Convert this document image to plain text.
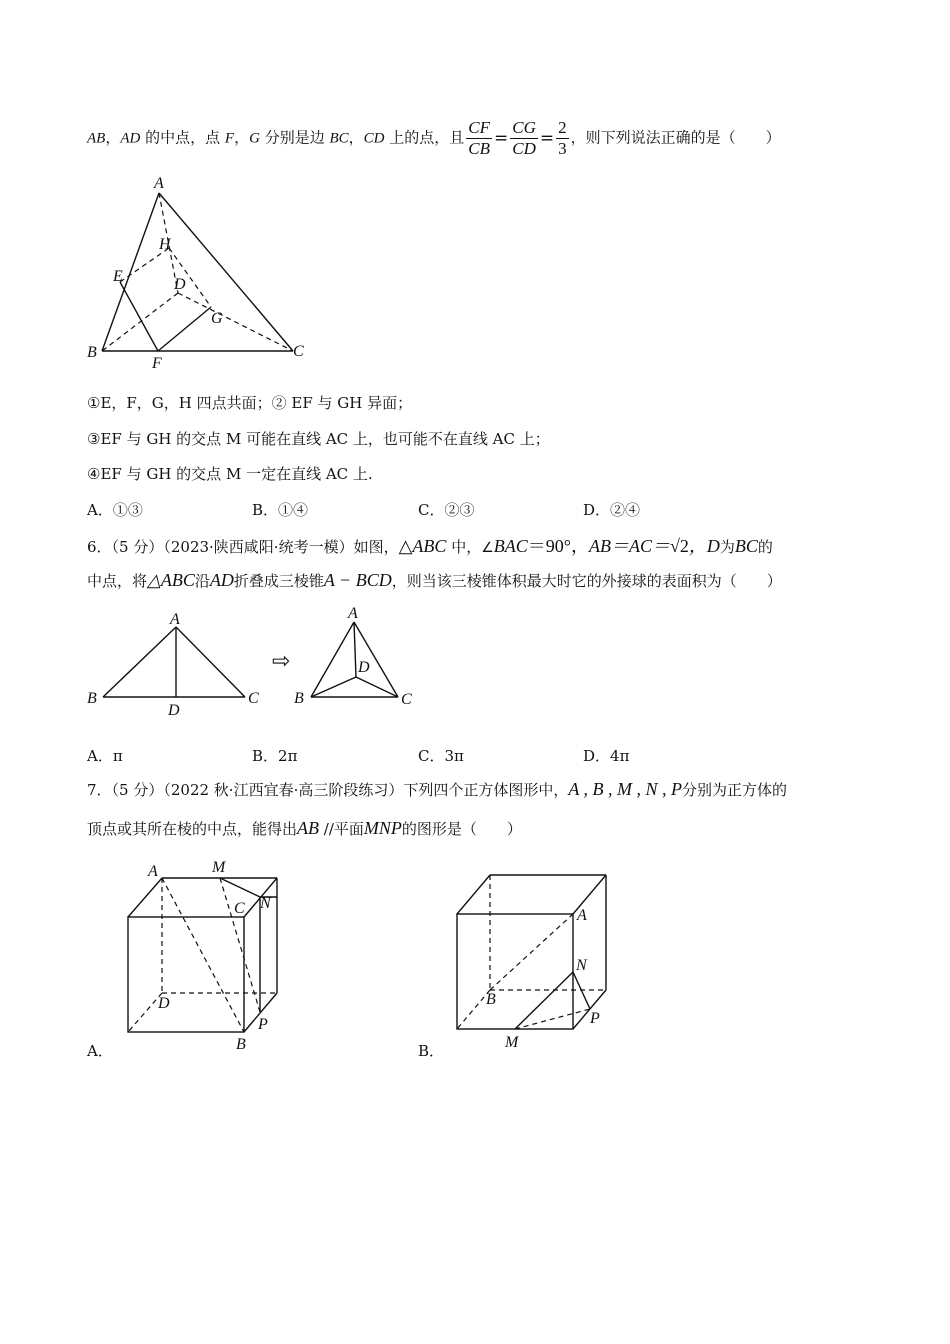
AB，AD 的中点，点 F，G 分别是边 BC，CD 上的点，且 $\frac{CF}{CB} = \frac{CG}{CD} = \frac{2}{3}$ ，则下列说法正确的是（　　）
A
B	C
D
E
F
G
H
①E，F，G，H 四点共面；② EF 与 GH 异面；
③EF 与 GH 的交点 M 可能在直线 AC 上，也可能不在直线 AC 上；
④EF 与 GH 的交点 M 一定在直线 AC 上.
A．①③	B．①④	C．②③	D．②④
6．（5 分）（2023·陕西咸阳·统考一模）如图，△ABC 中，∠BAC＝90°，AB＝AC＝√2，D为BC的
中点，将△ABC沿AD折叠成三棱锥A − BCD，则当该三棱锥体积最大时它的外接球的表面积为（　　）
A
B	C
D
⇨
A
B	C
D
A．π	B．2π	C．3π	D．4π
7．（5 分）（2022 秋·江西宜春·高三阶段练习）下列四个正方体图形中，A , B , M , N , P分别为正方体的
顶点或其所在棱的中点，能得出AB //平面MNP的图形是（　　）
A	M
C N
D
P
B
A．
A
N
B
P
M
B．
